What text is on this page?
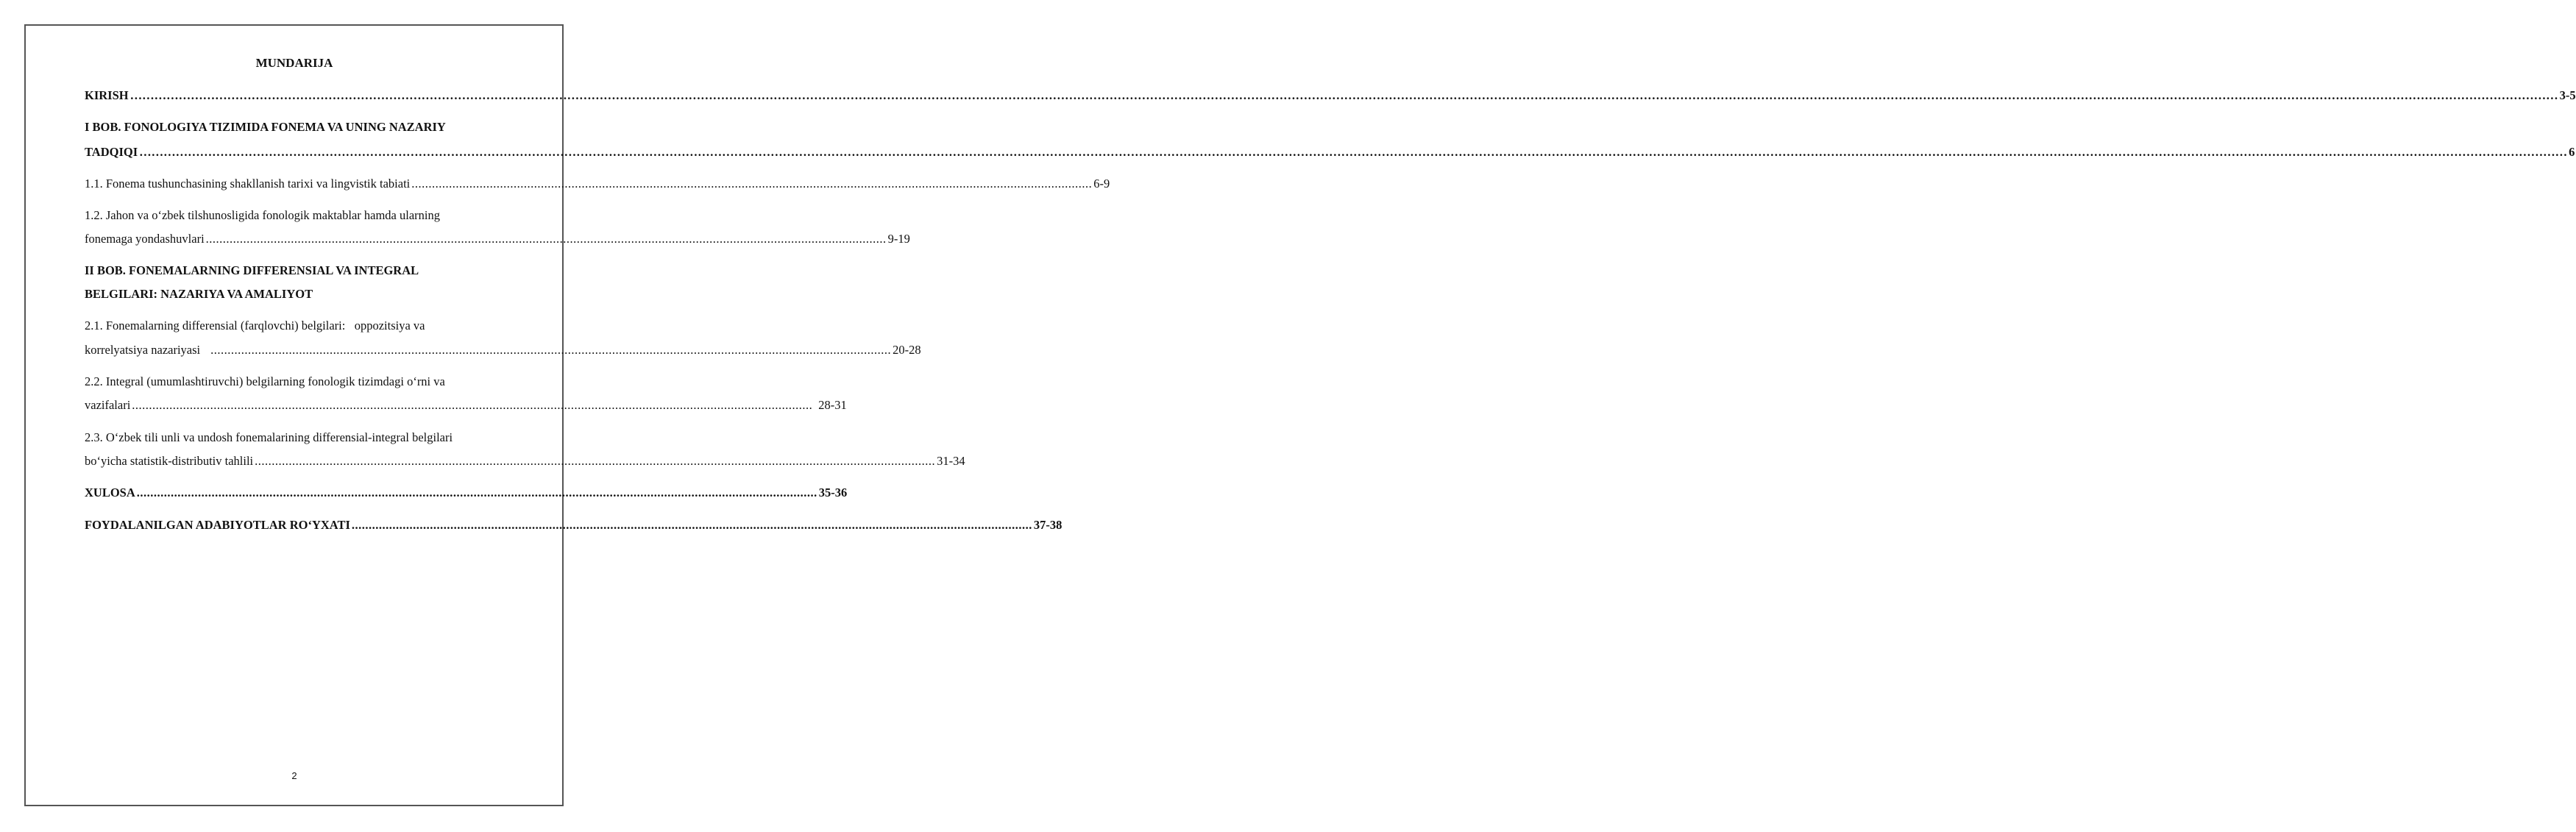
MUNDARIJA
KIRISH …………………………………………………………………………………………………………………………………………………………………………………………………………………………………………………………………………………………………………………………………………………………………………………………………………………………………………………………………………………………………………………………………………………… 3-5
I BOB. FONOLOGIYA TIZIMIDA FONEMA VA UNING NAZARIY
TADQIQI …………………………………………………………………………………………………………………………………………………………………………………………………………………………………………………………………………………………………………………………………………………………………………………………………………………………………………………………………………………………………………………………………………………… 6
1.1. Fonema tushunchasining shakllanish tarixi va lingvistik tabiati ........................................................................................................................................................................................................ 6-9
1.2. Jahon va o‘zbek tilshunosligida fonologik maktablar hamda ularning
fonemaga yondashuvlari ........................................................................................................................................................................................................ 9-19
II BOB. FONEMALARNING DIFFERENSIAL VA INTEGRAL
BELGILARI: NAZARIYA VA AMALIYOT
2.1. Fonemalarning differensial (farqlovchi) belgilari:   oppozitsiya va
korrelyatsiya nazariyasi ........................................................................................................................................................................................................ 20-28
2.2. Integral (umumlashtiruvchi) belgilarning fonologik tizimdagi o‘rni va
vazifalari ........................................................................................................................................................................................................ 28-31
2.3. O‘zbek tili unli va undosh fonemalarining differensial-integral belgilari
bo‘yicha statistik-distributiv tahlili ........................................................................................................................................................................................................ 31-34
XULOSA ........................................................................................................................................................................................................ 35-36
FOYDALANILGAN ADABIYOTLAR RO‘YXATI ........................................................................................................................................................................................................ 37-38
2
